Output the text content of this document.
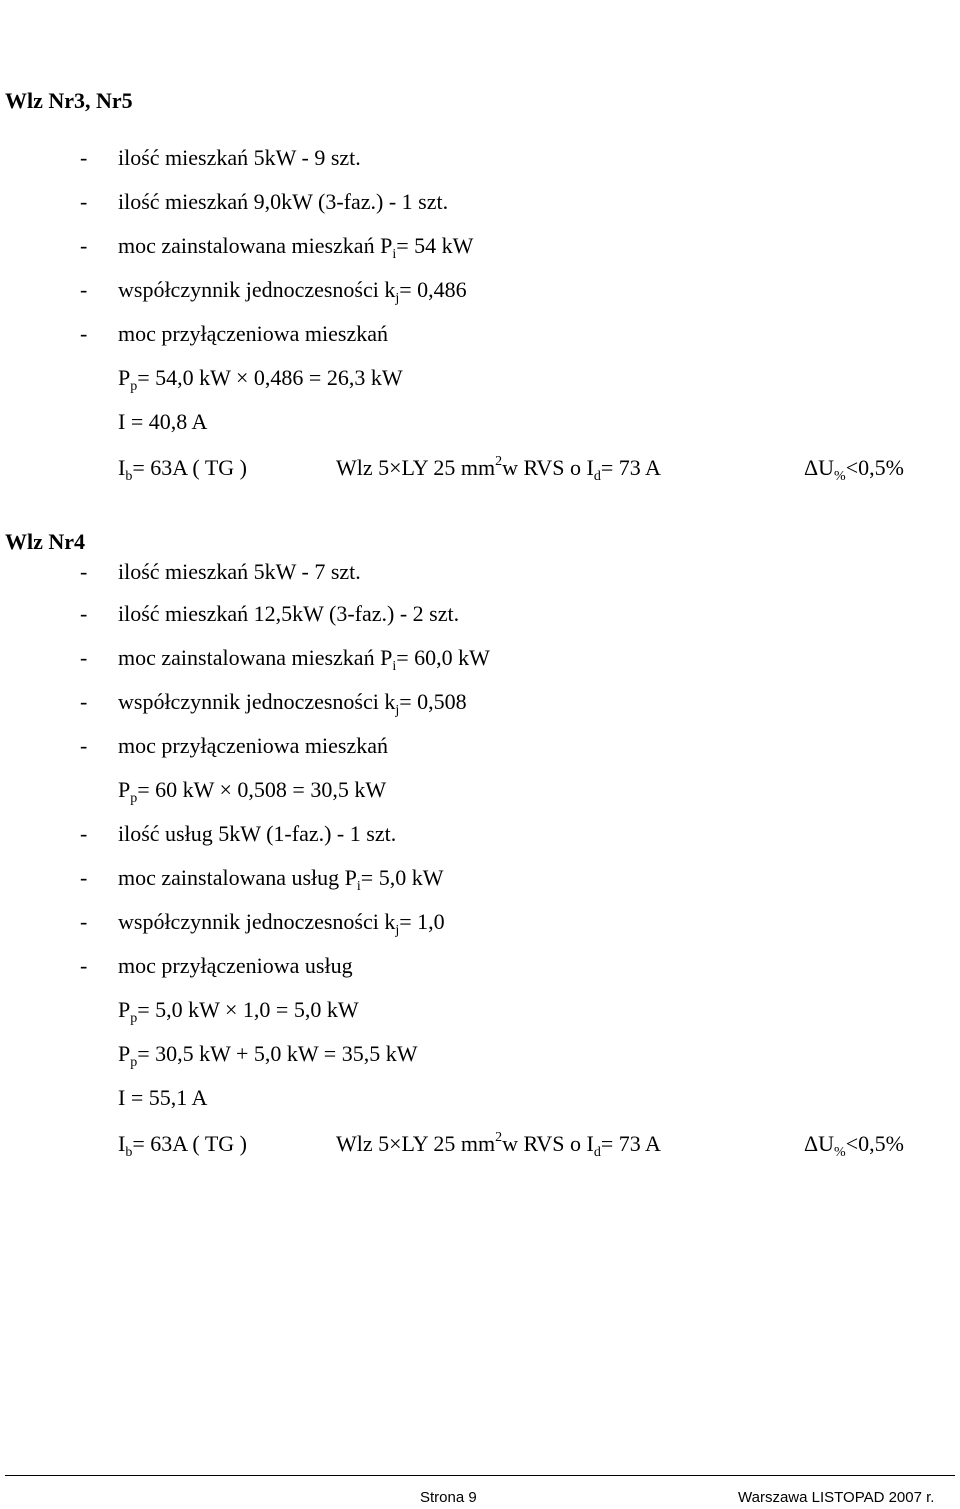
Wlz Nr3, Nr5
- ilość mieszkań 5kW - 9 szt.
- ilość mieszkań 9,0kW (3-faz.) - 1 szt.
- moc zainstalowana mieszkań $P_i= 54$ kW
- współczynnik jednoczesności $k_j= 0,486$
- moc przyłączeniowa mieszkań
$P_p= 54,0$ kW × 0,486 = 26,3 kW
I = 40,8 A
$I_b= 63A$ ( TG )	Wlz 5×LY 25 $mm^2w$ RVS o $I_d= 73$ A	$\Delta U_{\%}<0,5\%$
Wlz Nr4
- ilość mieszkań 5kW - 7 szt.
- ilość mieszkań 12,5kW (3-faz.) - 2 szt.
- moc zainstalowana mieszkań $P_i= 60,0$ kW
- współczynnik jednoczesności $k_j= 0,508$
- moc przyłączeniowa mieszkań
$P_p= 60$ kW × 0,508 = 30,5 kW
- ilość usług 5kW (1-faz.) - 1 szt.
- moc zainstalowana usług $P_i= 5,0$ kW
- współczynnik jednoczesności $k_j= 1,0$
- moc przyłączeniowa usług
$P_p= 5,0$ kW × 1,0 = 5,0 kW
$P_p= 30,5$ kW + 5,0 kW = 35,5 kW
I = 55,1 A
$I_b= 63A$ ( TG )	Wlz 5×LY 25 $mm^2w$ RVS o $I_d= 73$ A	$\Delta U_{\%}<0,5\%$
Strona 9	Warszawa LISTOPAD 2007 r.
